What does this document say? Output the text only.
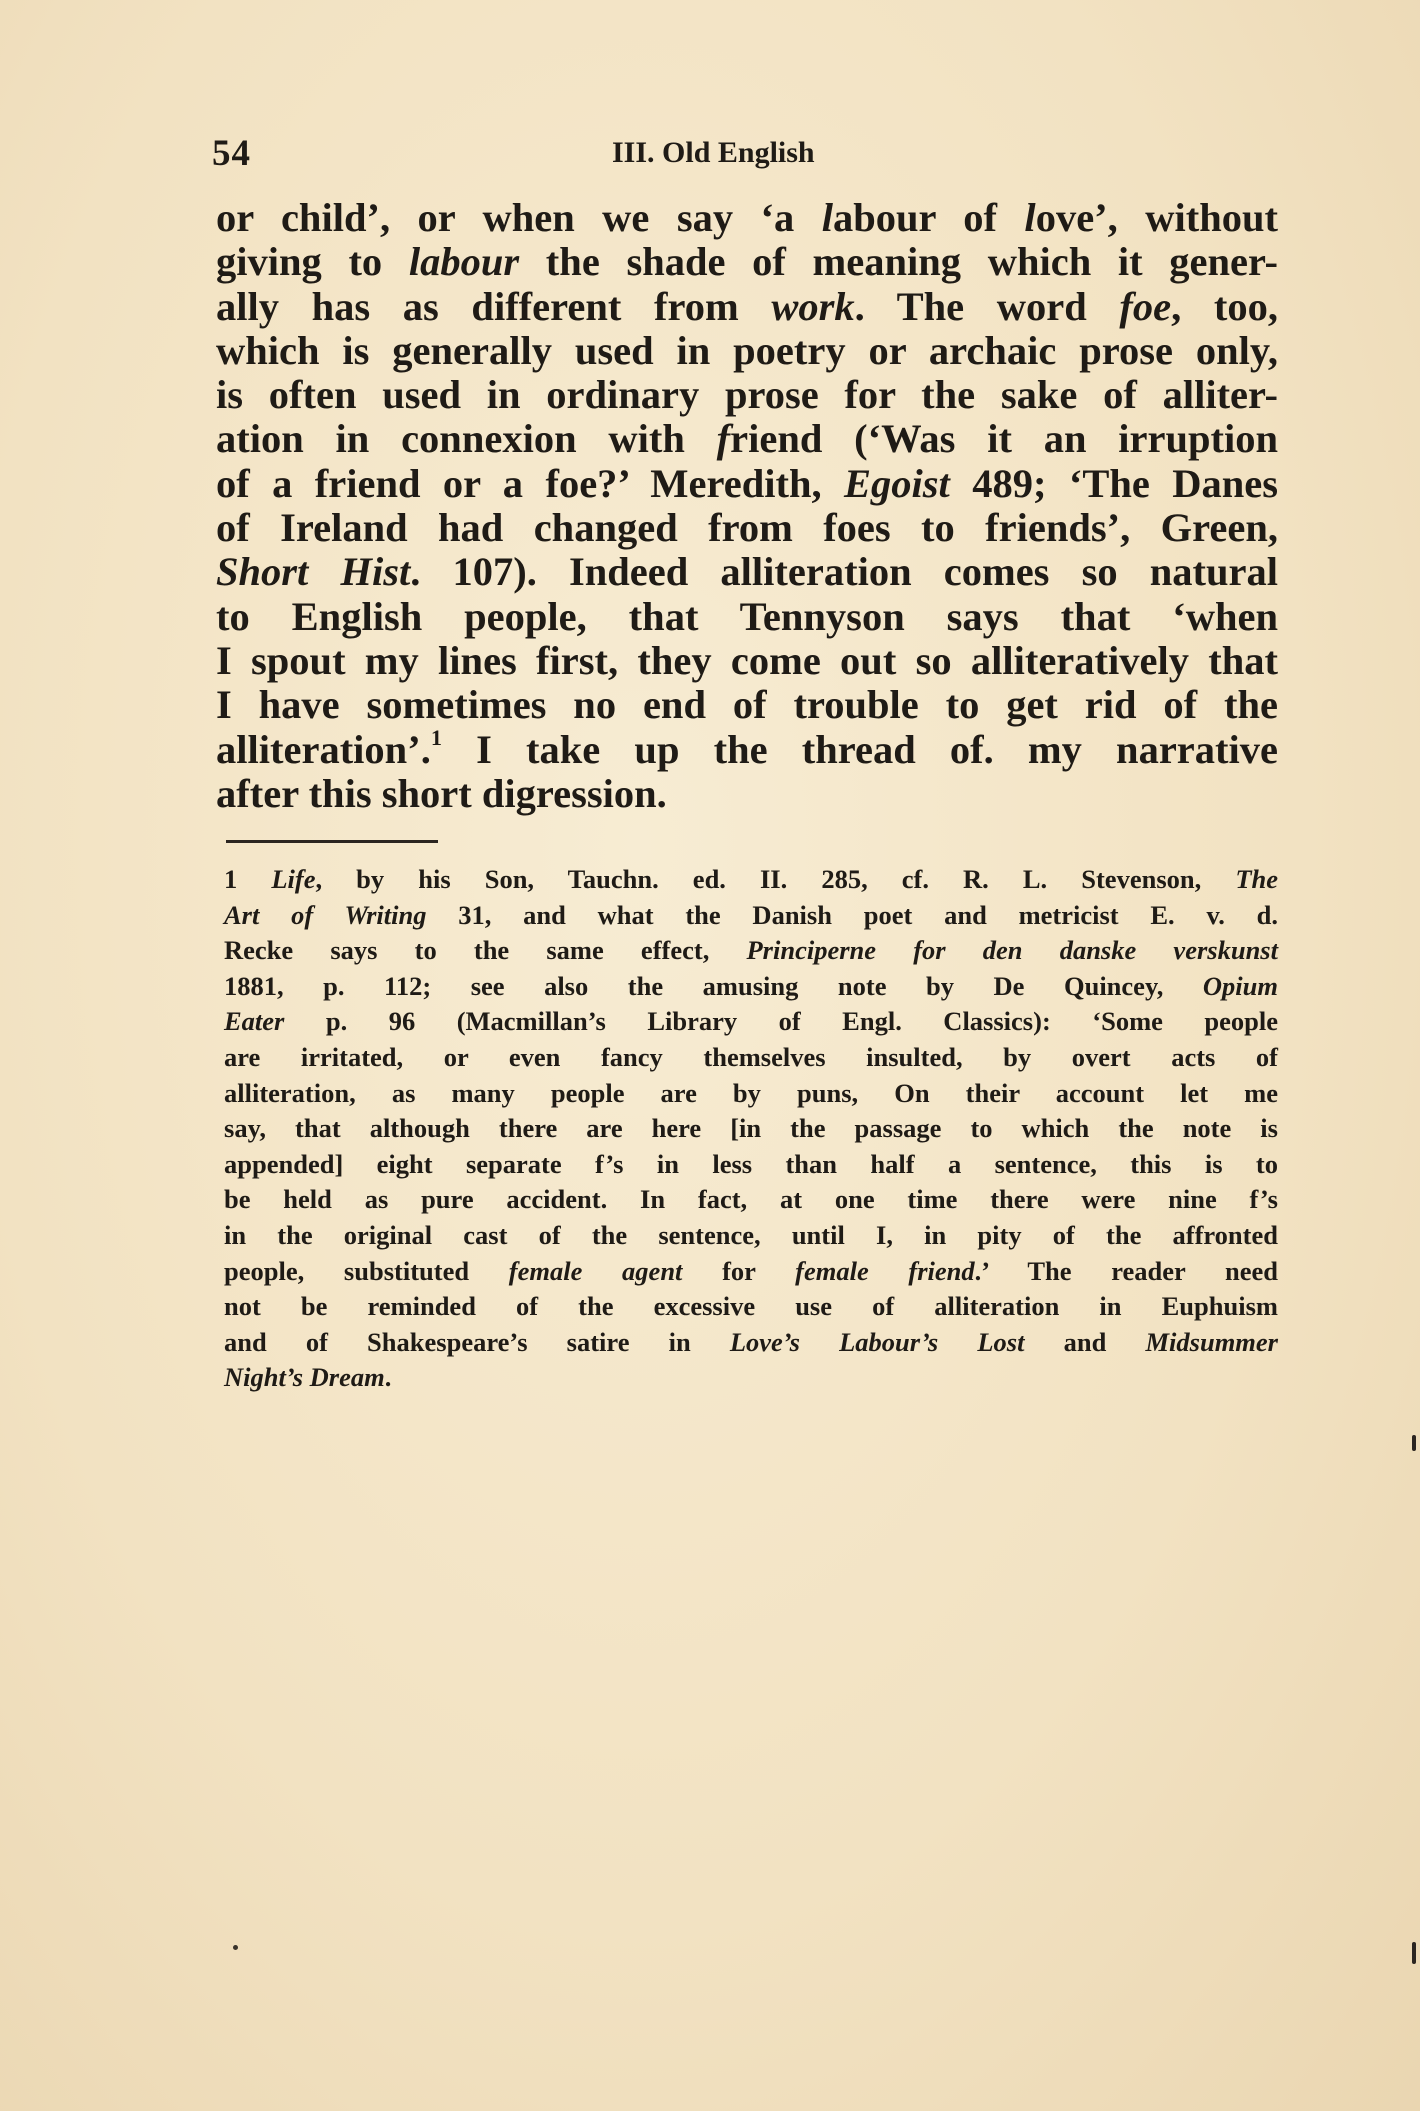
54	III. Old English
or child’, or when we say ‘a labour of love’, without
giving to labour the shade of meaning which it gener-
ally has as different from work. The word foe, too,
which is generally used in poetry or archaic prose only,
is often used in ordinary prose for the sake of alliter-
ation in connexion with friend (‘Was it an irruption
of a friend or a foe?’ Meredith, Egoist 489; ‘The Danes
of Ireland had changed from foes to friends’, Green,
Short Hist. 107). Indeed alliteration comes so natural
to English people, that Tennyson says that ‘when
I spout my lines first, they come out so alliteratively that
I have sometimes no end of trouble to get rid of the
alliteration’.$^1$ I take up the thread of. my narrative
after this short digression.
1 Life, by his Son, Tauchn. ed. II. 285, cf. R. L. Stevenson, The
Art of Writing 31, and what the Danish poet and metricist E. v. d.
Recke says to the same effect, Principerne for den danske verskunst
1881, p. 112; see also the amusing note by De Quincey, Opium
Eater p. 96 (Macmillan’s Library of Engl. Classics): ‘Some people
are irritated, or even fancy themselves insulted, by overt acts of
alliteration, as many people are by puns, On their account let me
say, that although there are here [in the passage to which the note is
appended] eight separate f’s in less than half a sentence, this is to
be held as pure accident. In fact, at one time there were nine f’s
in the original cast of the sentence, until I, in pity of the affronted
people, substituted female agent for female friend.’ The reader need
not be reminded of the excessive use of alliteration in Euphuism
and of Shakespeare’s satire in Love’s Labour’s Lost and Midsummer
Night’s Dream.
